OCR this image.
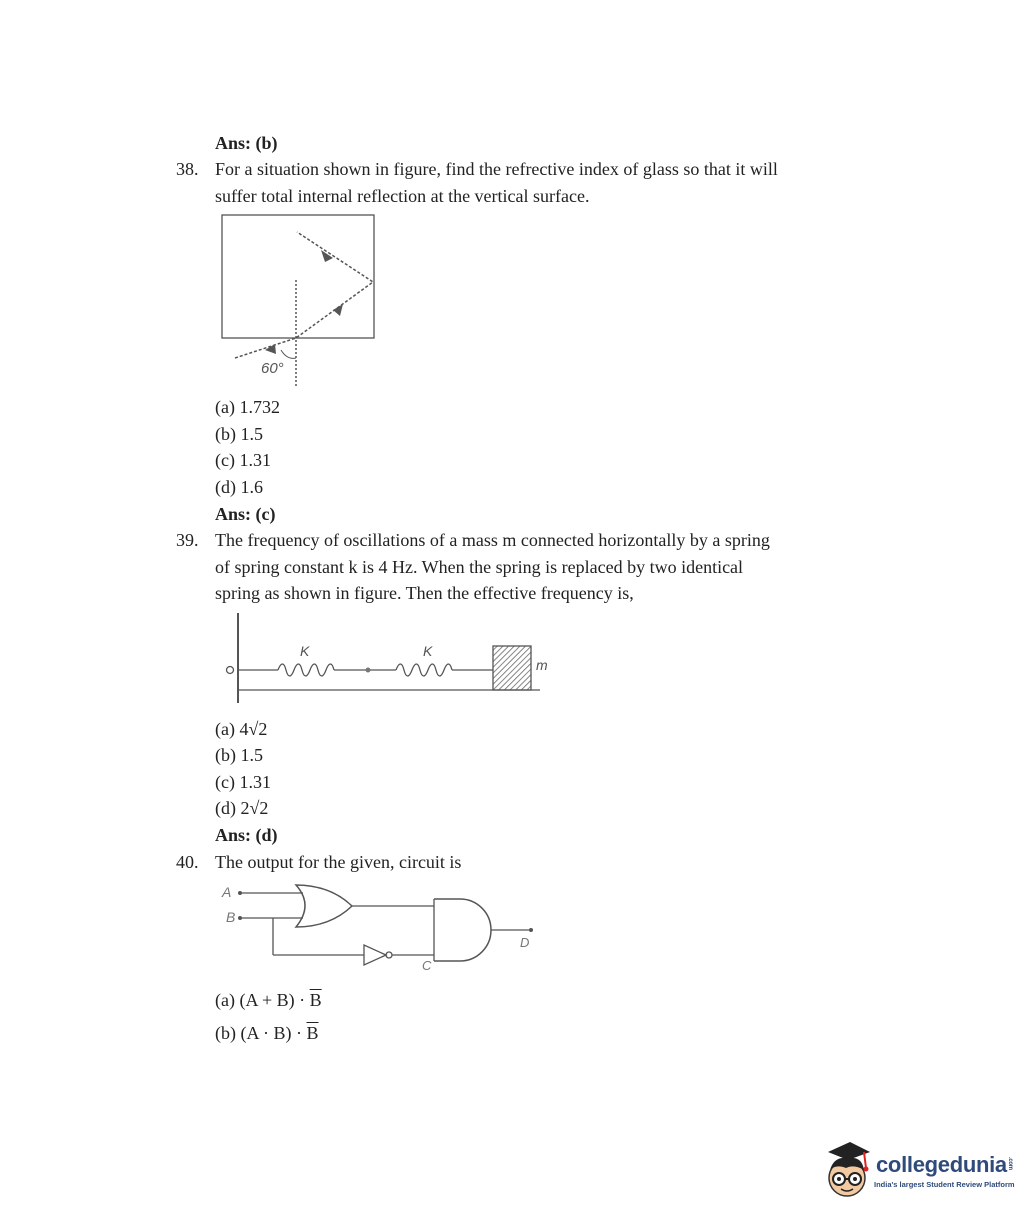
Ans: (b)
38. For a situation shown in figure, find the refrective index of glass so that it will
suffer total internal reflection at the vertical surface.
60°
(a) 1.732
(b) 1.5
(c) 1.31
(d) 1.6
Ans: (c)
39. The frequency of oscillations of a mass m connected horizontally by a spring
of spring constant k is 4 Hz. When the spring is replaced by two identical
spring as shown in figure. Then the effective frequency is,
K	K
m
(a) 4√2
(b) 1.5
(c) 1.31
(d) 2√2
Ans: (d)
40. The output for the given, circuit is
A
B
C
D
(a) $(A + B) \cdot \overline{B}$
(b) $(A \cdot B) \cdot \overline{B}$
collegedunia.com
India's largest Student Review Platform
